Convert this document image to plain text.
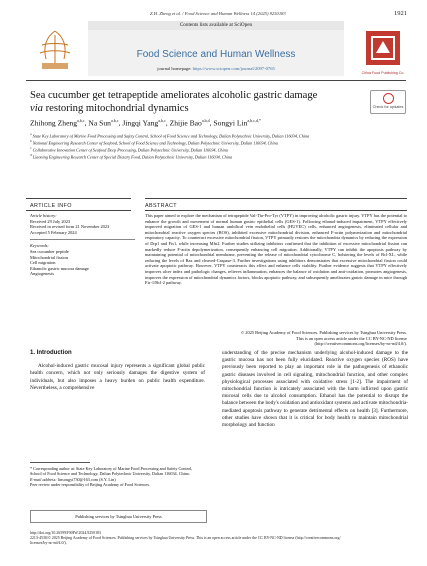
Z.H. Zheng et al. / Food Science and Human Wellness 14 (2025) 9250183	1921
Contents lists available at SciOpen
Food Science and Human Wellness
journal homepage: https://www.sciopen.com/journal/2097-0765
China Food Publishing Co.
Sea cucumber get tetrapeptide ameliorates alcoholic gastric damage via restoring mitochondrial dynamics	Check for updates
Zhihong Zheng$^{a,b,c}$, Na Sun$^{a,b,c}$, Jingqi Yang$^{a,b,c}$, Zhijie Bao$^{a,b,d}$, Songyi Lin$^{a,b,c,d,*}$
$^a$ State Key Laboratory of Marine Food Processing and Safety Control, School of Food Science and Technology, Dalian Polytechnic University, Dalian 116034, China
$^b$ National Engineering Research Center of Seafood, School of Food Science and Technology, Dalian Polytechnic University, Dalian 116034, China
$^c$ Collaborative Innovation Center of Seafood Deep Processing, Dalian Polytechnic University, Dalian 116034, China
$^d$ Liaoning Engineering Research Center of Special Dietary Food, Dalian Polytechnic University, Dalian 116034, China
ARTICLE INFO	ABSTRACT
Article history:
Received 29 July 2023
Received in revised form 21 November 2023
Accepted 5 February 2024
Keywords:
Sea cucumber peptide
Mitochondrial fission
Cell migration
Ethanolic gastric mucosa damage
Angiogenesis
This paper aimed to explore the mechanism of tetrapeptide Val-Thr-Pro-Tyr (VTPY) in improving alcoholic gastric injury. VTPY has the potential to enhance the growth and movement of normal human gastric epithelial cells (GES-1). Following ethanol-induced impairment, VTPY effectively improved migration of GES-1 and human umbilical vein endothelial cells (HUVEC) cells, enhanced angiogenesis, eliminated cellular and mitochondrial reactive oxygen species (ROS), inhibited excessive mitochondrial division, enhanced F-actin polymerization and mitochondrial respiratory capacity. To counteract excessive mitochondrial fission, VTPY primarily restores the mitochondria dynamics by reducing the expression of Drp1 and Fis1, while increasing Mfn2. Further studies utilizing inhibitors confirmed that the inhibition of excessive mitochondrial fission can markedly reduce F-actin depolymerization, consequently enhancing cell migration. Additionally, VTPY can inhibit the apoptosis pathway by maintaining potential of mitochondrial membrane, preventing the release of mitochondrial cytochrome C, bolstering the levels of Bcl-XL, while reducing the levels of Bax and cleaved-Caspase-3. Further investigations using inhibitors demonstrates that excessive mitochondrial fission could activate apoptotic pathway. However, VTPY counteracts this effect and enhance cells viability. Further evidence suggests that VTPY effectively improves ulcer index and pathologic changes, relieves inflammation, enhances the balance of oxidation and anti-oxidation, promotes angiogenesis, improves the expression of mitochondrial dynamics factors, blocks apoptotic pathway, and subsequently ameliorates gastric damage in mice through Fis-1/Bcl-2 pathway.
© 2025 Beijing Academy of Food Sciences. Publishing services by Tsinghua University Press.
This is an open access article under the CC BY-NC-ND license
(http://creativecommons.org/licenses/by-nc-nd/4.0/).
1. Introduction

Alcohol-induced gastric mucosal injury represents a significant global public health concern, which not only seriously damages the digestive system of individuals, but also imposes a heavy burden on public health expenditure. Nevertheless, a comprehensive

understanding of the precise mechanism underlying alcohol-induced damage to the gastric mucosa has not been fully elucidated. Reactive oxygen species (ROS) have previously been reported to play an important role in the pathogenesis of ethanolic gastric diseases involved in cell signaling, mitochondrial function, and other complex physiological processes associated with oxidative stress [1-2]. The impairment of mitochondrial function is intricately associated with the harm inflicted upon gastric mucosal cells due to alcohol consumption. Ethanol has the potential to disrupt the balance between the body's oxidation and antioxidant systems and activate mitochondria-mediated apoptosis pathway to generate detrimental effects on health [3]. Furthermore, other studies have shown that it is critical for body health to maintain mitochondrial morphology and function

* Corresponding author at: State Key Laboratory of Marine Food Processing and Safety Control, School of Food Science and Technology, Dalian Polytechnic University, Dalian 116034, China.
E-mail address: linsongyi730@163.com (S.Y. Lin)
Peer review under responsibility of Beijing Academy of Food Sciences.
Publishing services by Tsinghua University Press
http://doi.org/10.26599/FSHW.2024.9250183
2213-4530/© 2025 Beijing Academy of Food Sciences. Publishing services by Tsinghua University Press. This is an open access article under the CC BY-NC-ND license (http://creativecommons.org/
licenses/by-nc-nd/4.0/).
